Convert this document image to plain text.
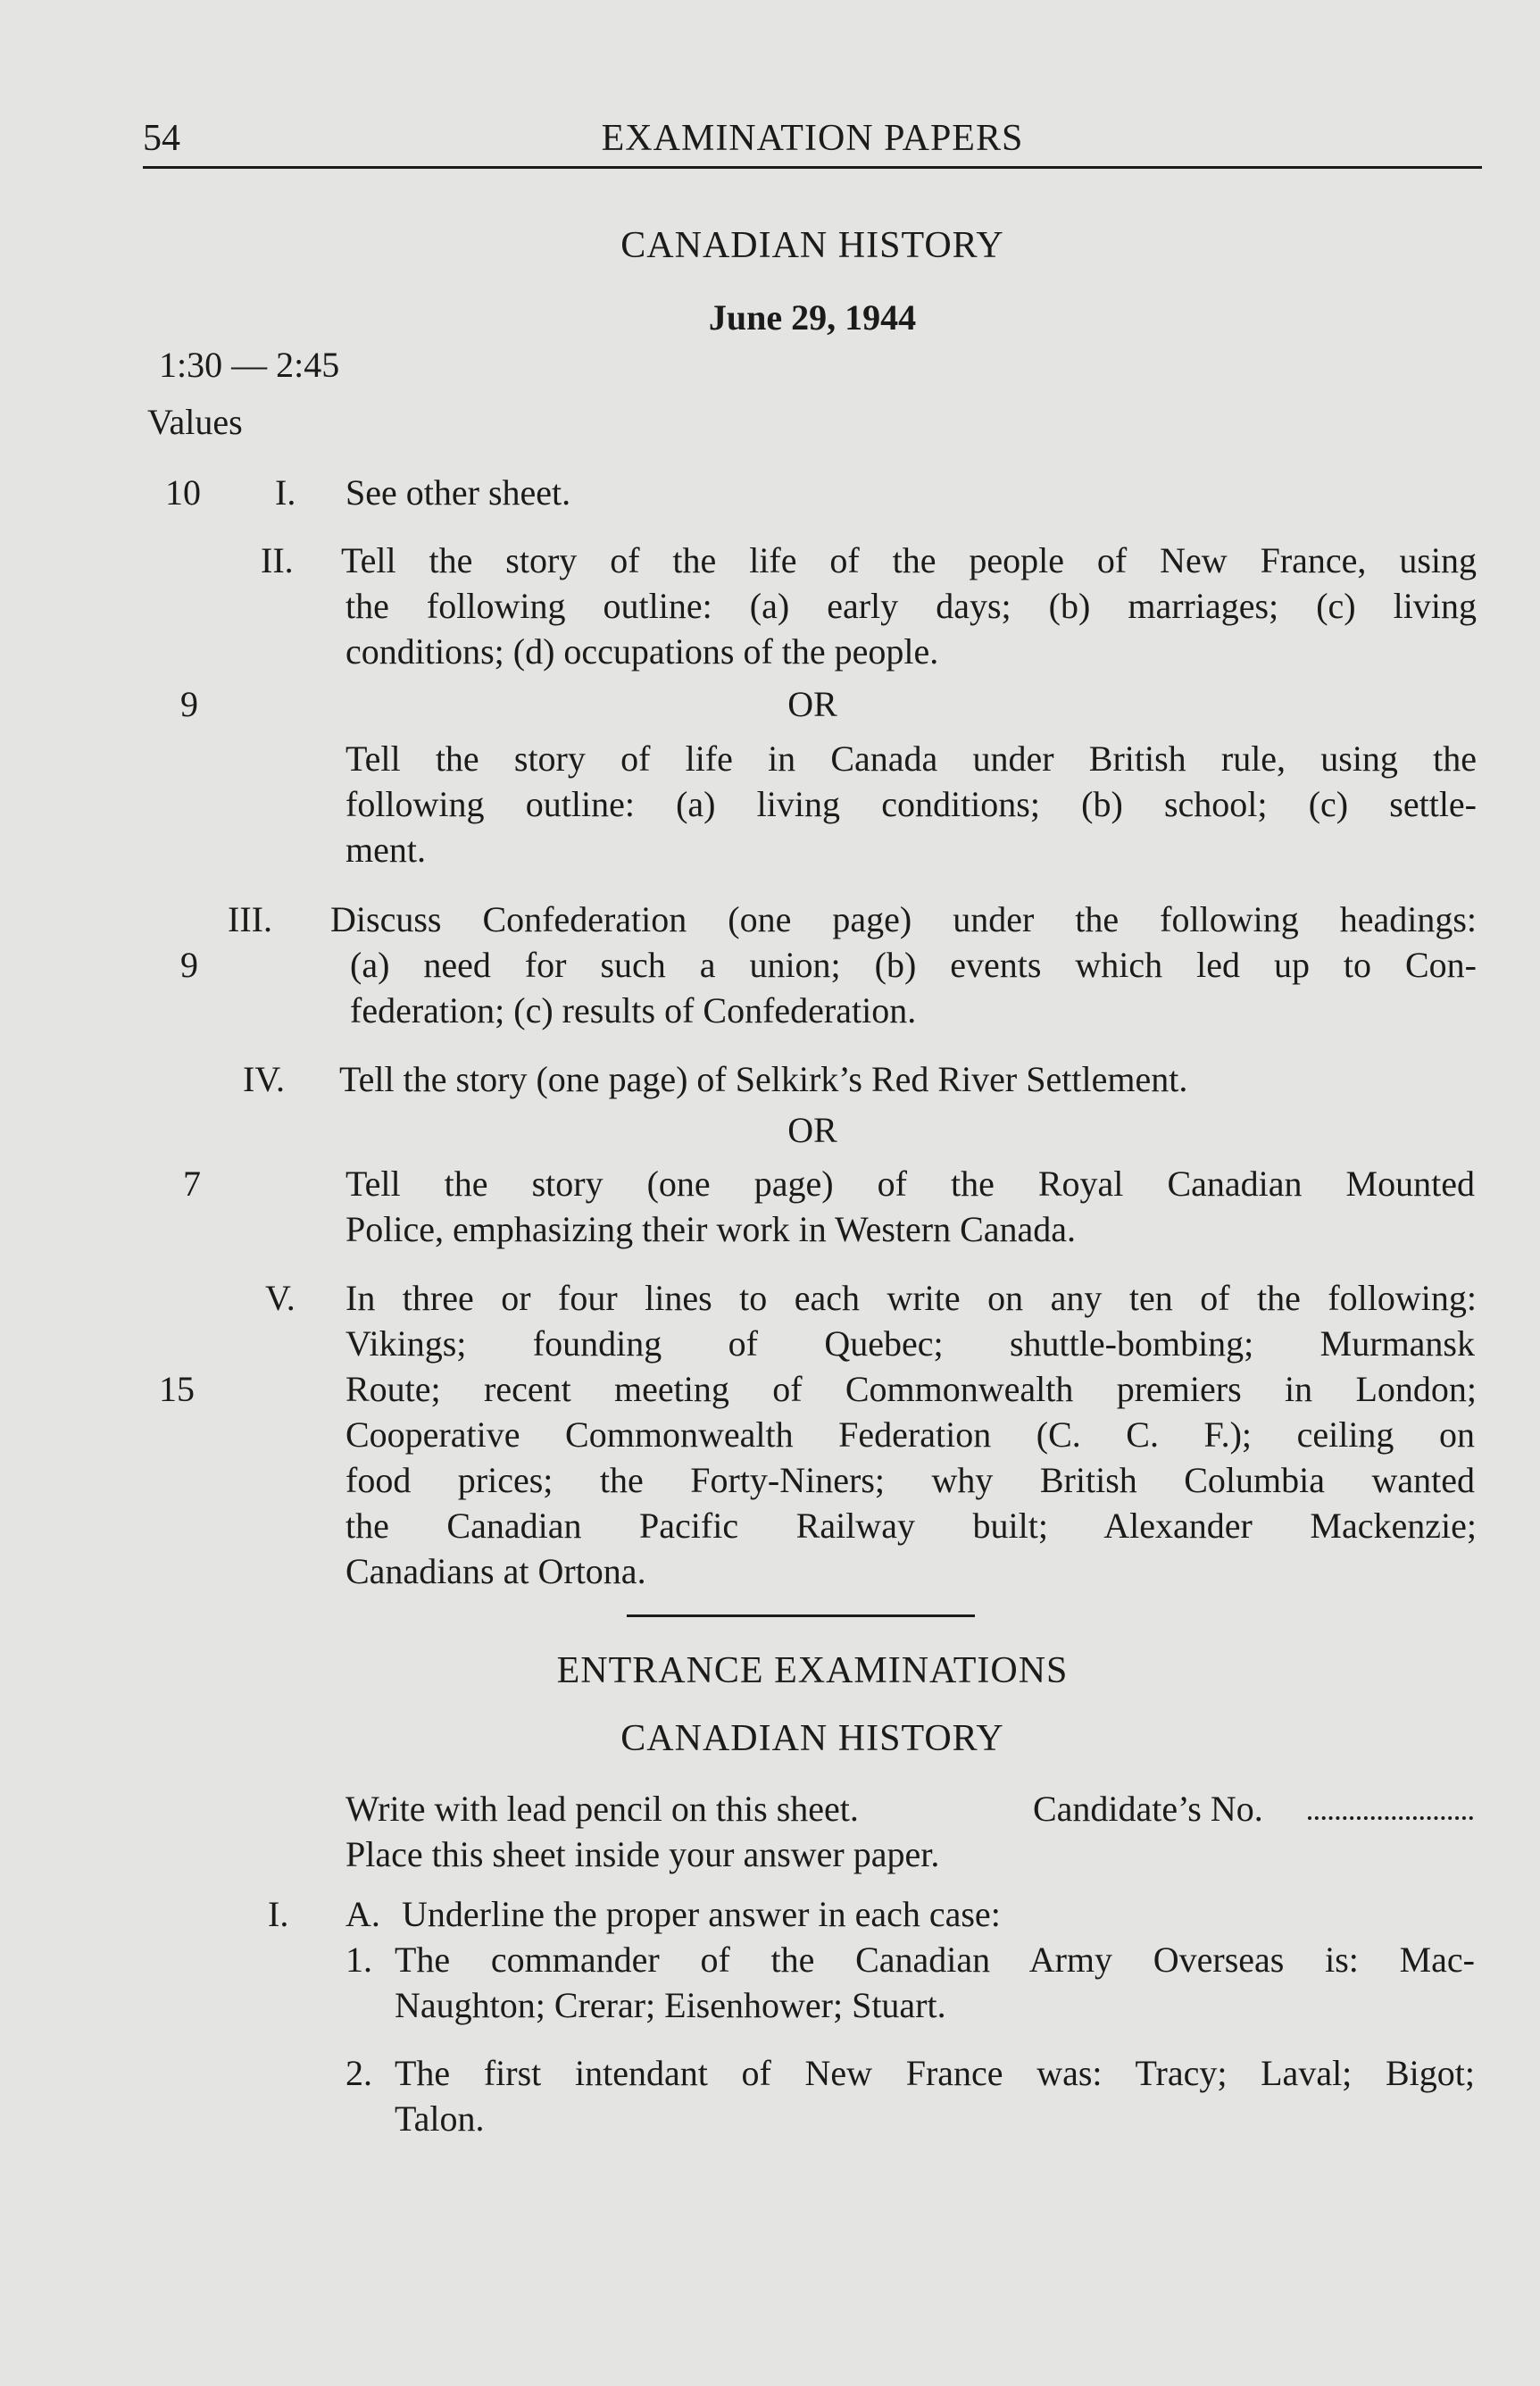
54	EXAMINATION PAPERS
CANADIAN HISTORY
June 29, 1944
1:30 — 2:45
Values
10 I. See other sheet.
II. Tell the story of the life of the people of New France, using
the following outline: (a) early days; (b) marriages; (c) living
conditions; (d) occupations of the people.
9	OR
Tell the story of life in Canada under British rule, using the
following outline: (a) living conditions; (b) school; (c) settle-
ment.
III. Discuss Confederation (one page) under the following headings:
9	(a) need for such a union; (b) events which led up to Con-
federation; (c) results of Confederation.
IV. Tell the story (one page) of Selkirk’s Red River Settlement.
OR
7	Tell the story (one page) of the Royal Canadian Mounted
Police, emphasizing their work in Western Canada.
V. In three or four lines to each write on any ten of the following:
Vikings; founding of Quebec; shuttle-bombing; Murmansk
15	Route; recent meeting of Commonwealth premiers in London;
Cooperative Commonwealth Federation (C. C. F.); ceiling on
food prices; the Forty-Niners; why British Columbia wanted
the Canadian Pacific Railway built; Alexander Mackenzie;
Canadians at Ortona.
ENTRANCE EXAMINATIONS
CANADIAN HISTORY
Write with lead pencil on this sheet.	Candidate’s No.
Place this sheet inside your answer paper.
I. A. Underline the proper answer in each case:
1. The commander of the Canadian Army Overseas is: Mac-
Naughton; Crerar; Eisenhower; Stuart.
2. The first intendant of New France was: Tracy; Laval; Bigot;
Talon.
